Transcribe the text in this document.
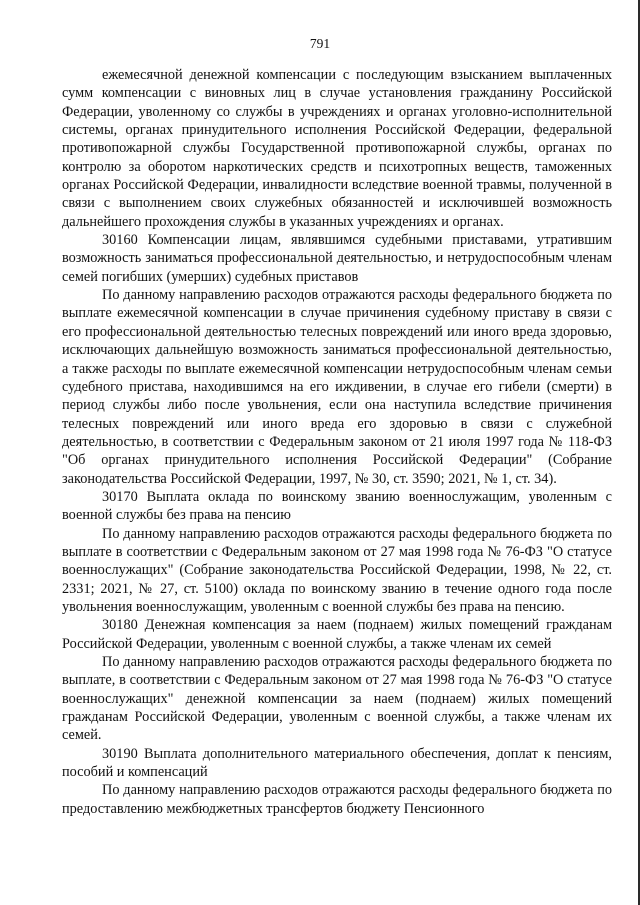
791

ежемесячной денежной компенсации с последующим взысканием выплаченных сумм компенсации с виновных лиц в случае установления гражданину Российской Федерации, уволенному со службы в учреждениях и органах уголовно-исполнительной системы, органах принудительного исполнения Российской Федерации, федеральной противопожарной службы Государственной противопожарной службы, органах по контролю за оборотом наркотических средств и психотропных веществ, таможенных органах Российской Федерации, инвалидности вследствие военной травмы, полученной в связи с выполнением своих служебных обязанностей и исключившей возможность дальнейшего прохождения службы в указанных учреждениях и органах.

30160 Компенсации лицам, являвшимся судебными приставами, утратившим возможность заниматься профессиональной деятельностью, и нетрудоспособным членам семей погибших (умерших) судебных приставов

По данному направлению расходов отражаются расходы федерального бюджета по выплате ежемесячной компенсации в случае причинения судебному приставу в связи с его профессиональной деятельностью телесных повреждений или иного вреда здоровью, исключающих дальнейшую возможность заниматься профессиональной деятельностью, а также расходы по выплате ежемесячной компенсации нетрудоспособным членам семьи судебного пристава, находившимся на его иждивении, в случае его гибели (смерти) в период службы либо после увольнения, если она наступила вследствие причинения телесных повреждений или иного вреда его здоровью в связи с служебной деятельностью, в соответствии с Федеральным законом от 21 июля 1997 года № 118-ФЗ "Об органах принудительного исполнения Российской Федерации" (Собрание законодательства Российской Федерации, 1997, № 30, ст. 3590; 2021, № 1, ст. 34).

30170 Выплата оклада по воинскому званию военнослужащим, уволенным с военной службы без права на пенсию

По данному направлению расходов отражаются расходы федерального бюджета по выплате в соответствии с Федеральным законом от 27 мая 1998 года № 76-ФЗ "О статусе военнослужащих" (Собрание законодательства Российской Федерации, 1998, № 22, ст. 2331; 2021, № 27, ст. 5100) оклада по воинскому званию в течение одного года после увольнения военнослужащим, уволенным с военной службы без права на пенсию.

30180 Денежная компенсация за наем (поднаем) жилых помещений гражданам Российской Федерации, уволенным с военной службы, а также членам их семей

По данному направлению расходов отражаются расходы федерального бюджета по выплате, в соответствии с Федеральным законом от 27 мая 1998 года № 76-ФЗ "О статусе военнослужащих" денежной компенсации за наем (поднаем) жилых помещений гражданам Российской Федерации, уволенным с военной службы, а также членам их семей.

30190 Выплата дополнительного материального обеспечения, доплат к пенсиям, пособий и компенсаций

По данному направлению расходов отражаются расходы федерального бюджета по предоставлению межбюджетных трансфертов бюджету Пенсионного
